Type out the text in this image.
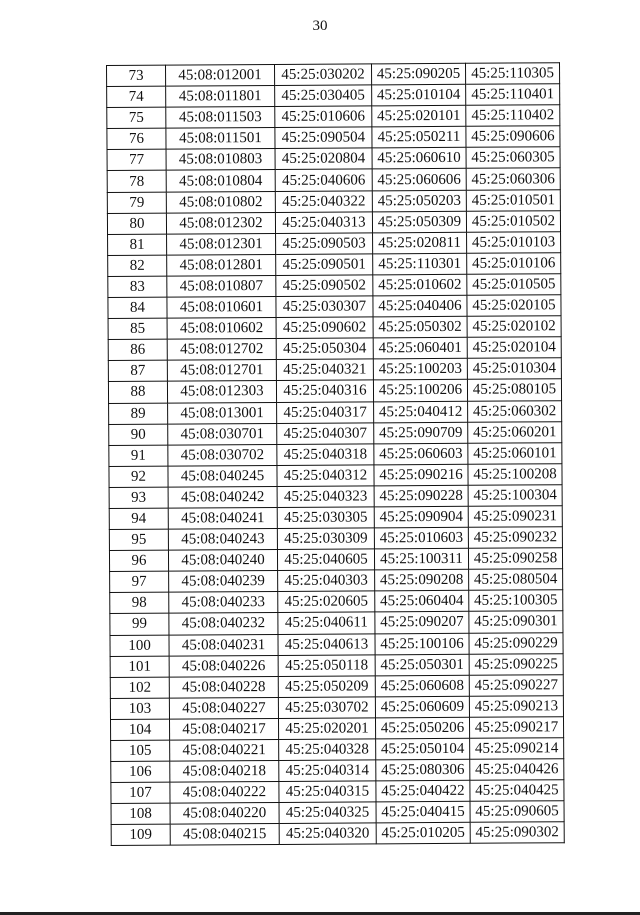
30
73	45:08:012001	45:25:030202	45:25:090205	45:25:110305
74	45:08:011801	45:25:030405	45:25:010104	45:25:110401
75	45:08:011503	45:25:010606	45:25:020101	45:25:110402
76	45:08:011501	45:25:090504	45:25:050211	45:25:090606
77	45:08:010803	45:25:020804	45:25:060610	45:25:060305
78	45:08:010804	45:25:040606	45:25:060606	45:25:060306
79	45:08:010802	45:25:040322	45:25:050203	45:25:010501
80	45:08:012302	45:25:040313	45:25:050309	45:25:010502
81	45:08:012301	45:25:090503	45:25:020811	45:25:010103
82	45:08:012801	45:25:090501	45:25:110301	45:25:010106
83	45:08:010807	45:25:090502	45:25:010602	45:25:010505
84	45:08:010601	45:25:030307	45:25:040406	45:25:020105
85	45:08:010602	45:25:090602	45:25:050302	45:25:020102
86	45:08:012702	45:25:050304	45:25:060401	45:25:020104
87	45:08:012701	45:25:040321	45:25:100203	45:25:010304
88	45:08:012303	45:25:040316	45:25:100206	45:25:080105
89	45:08:013001	45:25:040317	45:25:040412	45:25:060302
90	45:08:030701	45:25:040307	45:25:090709	45:25:060201
91	45:08:030702	45:25:040318	45:25:060603	45:25:060101
92	45:08:040245	45:25:040312	45:25:090216	45:25:100208
93	45:08:040242	45:25:040323	45:25:090228	45:25:100304
94	45:08:040241	45:25:030305	45:25:090904	45:25:090231
95	45:08:040243	45:25:030309	45:25:010603	45:25:090232
96	45:08:040240	45:25:040605	45:25:100311	45:25:090258
97	45:08:040239	45:25:040303	45:25:090208	45:25:080504
98	45:08:040233	45:25:020605	45:25:060404	45:25:100305
99	45:08:040232	45:25:040611	45:25:090207	45:25:090301
100	45:08:040231	45:25:040613	45:25:100106	45:25:090229
101	45:08:040226	45:25:050118	45:25:050301	45:25:090225
102	45:08:040228	45:25:050209	45:25:060608	45:25:090227
103	45:08:040227	45:25:030702	45:25:060609	45:25:090213
104	45:08:040217	45:25:020201	45:25:050206	45:25:090217
105	45:08:040221	45:25:040328	45:25:050104	45:25:090214
106	45:08:040218	45:25:040314	45:25:080306	45:25:040426
107	45:08:040222	45:25:040315	45:25:040422	45:25:040425
108	45:08:040220	45:25:040325	45:25:040415	45:25:090605
109	45:08:040215	45:25:040320	45:25:010205	45:25:090302
